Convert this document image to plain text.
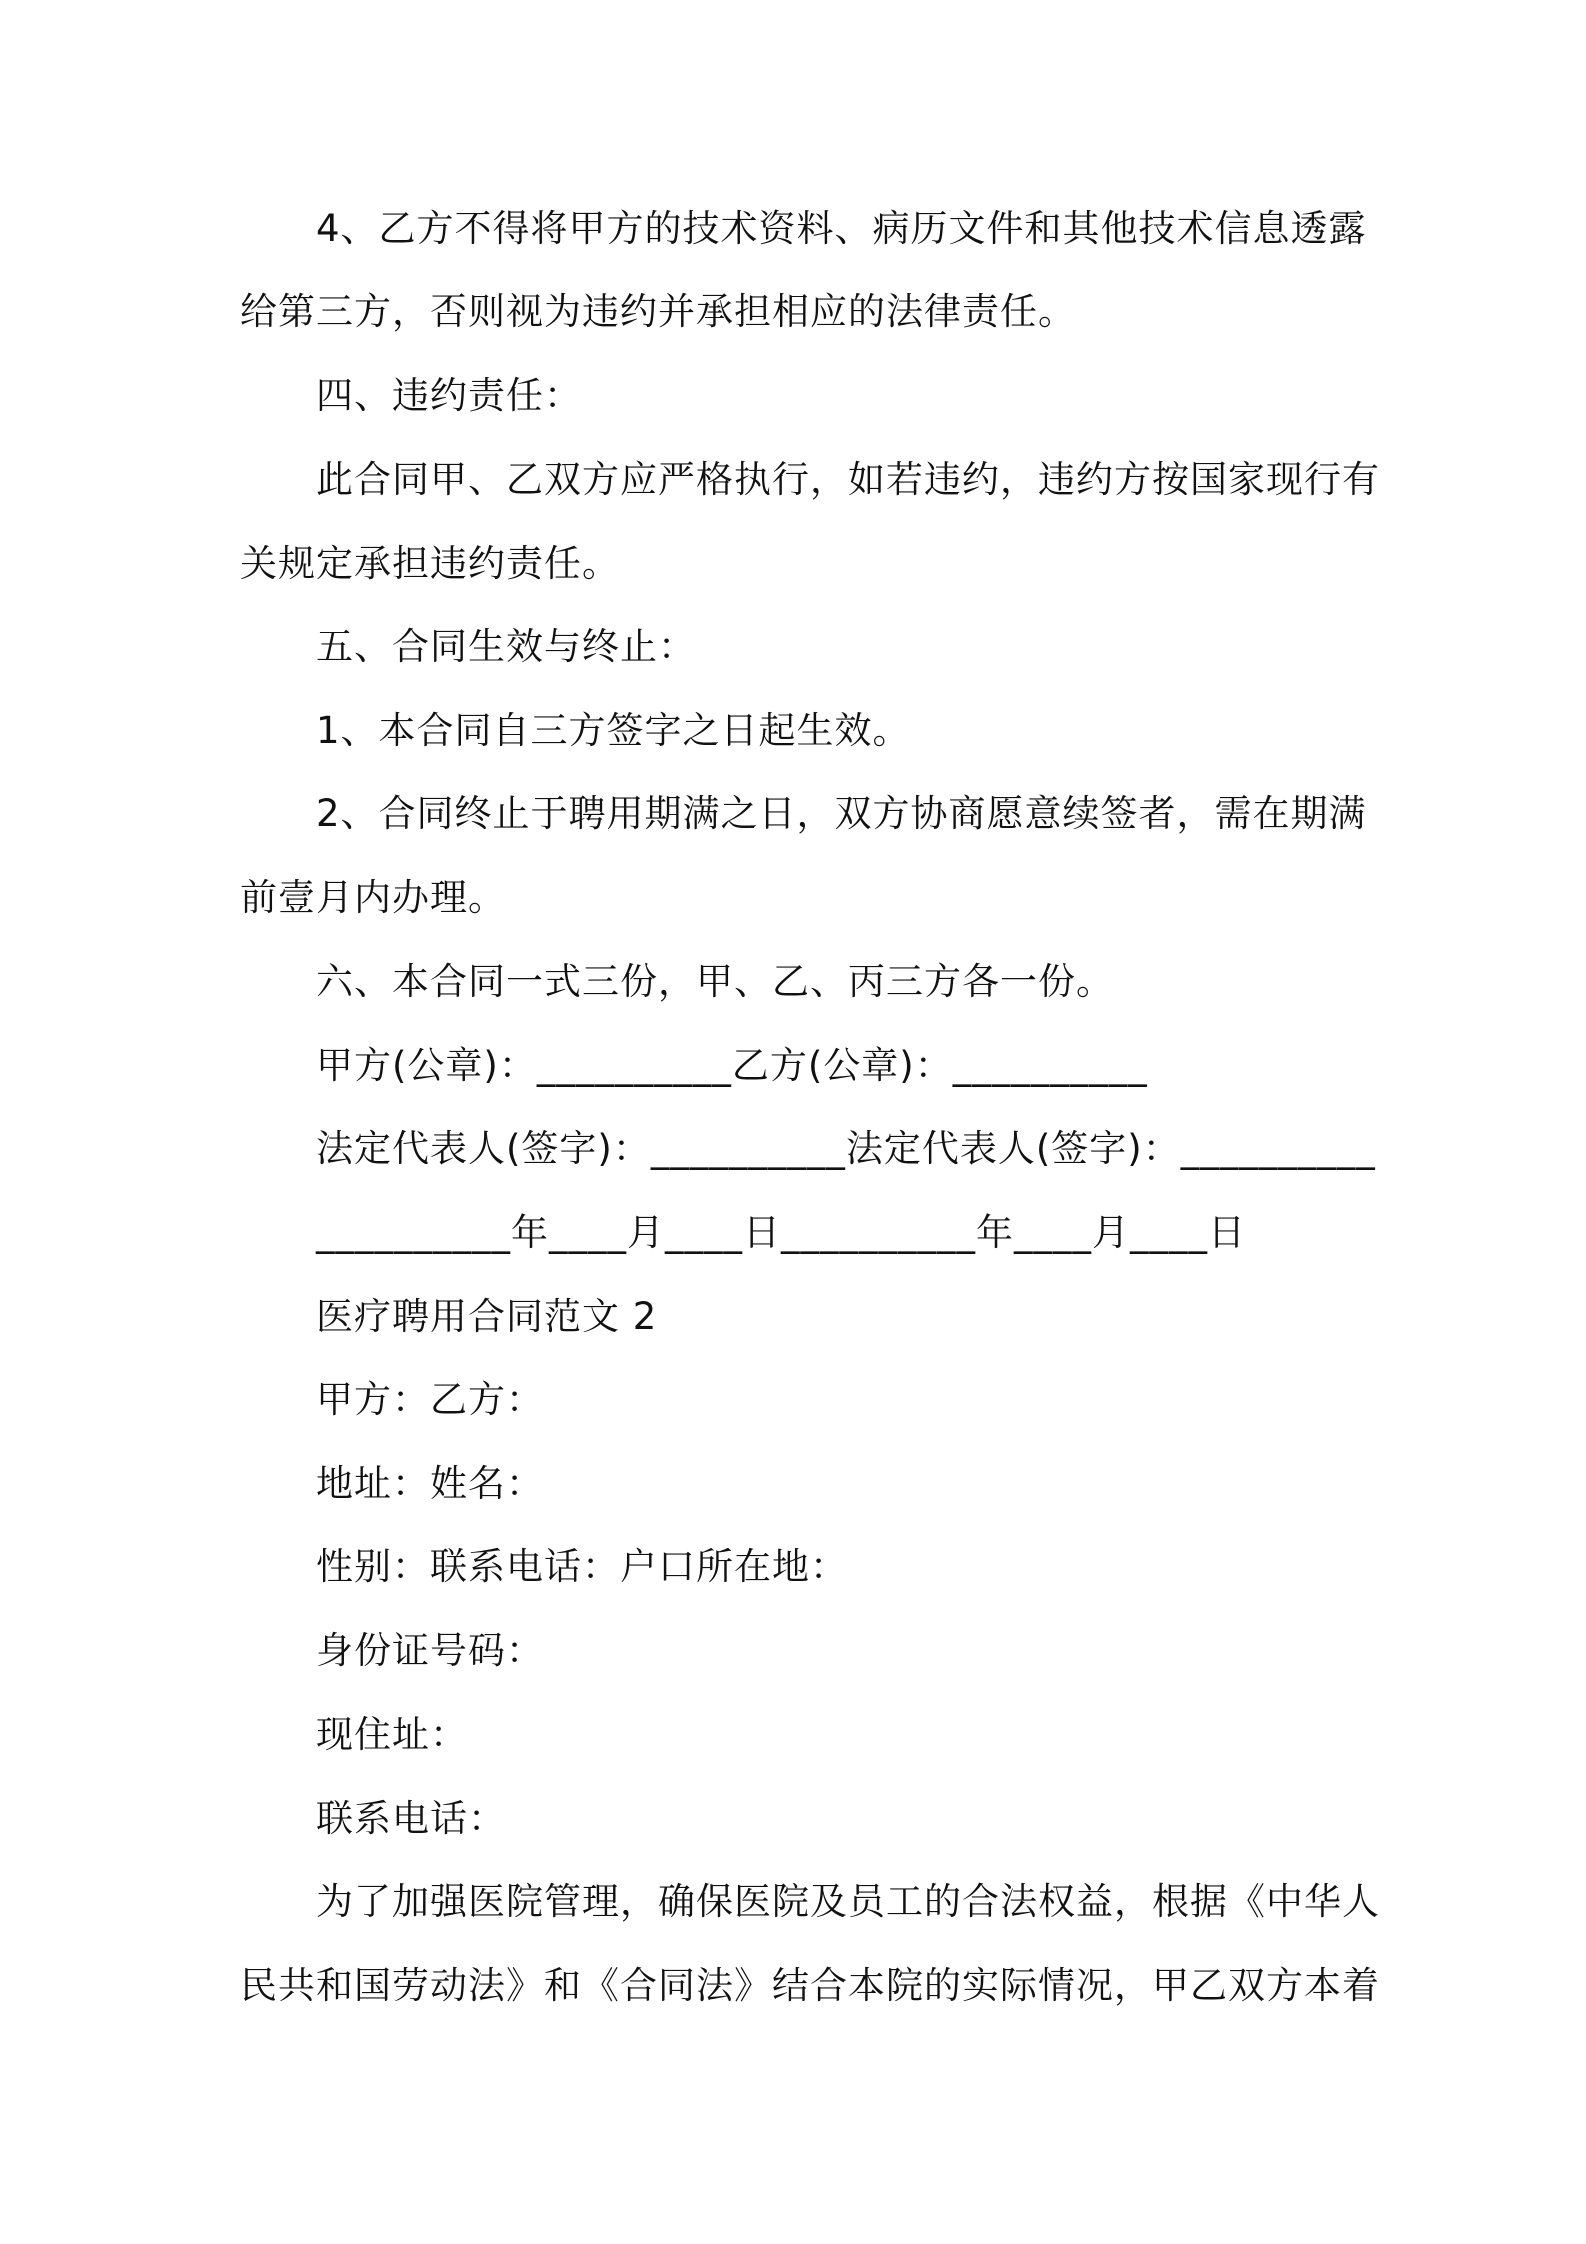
4、乙方不得将甲方的技术资料、病历文件和其他技术信息透露
给第三方，否则视为违约并承担相应的法律责任。
四、违约责任：
此合同甲、乙双方应严格执行，如若违约，违约方按国家现行有
关规定承担违约责任。
五、合同生效与终止：
1、本合同自三方签字之日起生效。
2、合同终止于聘用期满之日，双方协商愿意续签者，需在期满
前壹月内办理。
六、本合同一式三份，甲、乙、丙三方各一份。
甲方(公章)：__________乙方(公章)：__________
法定代表人(签字)：__________法定代表人(签字)：__________
__________年____月____日__________年____月____日
医疗聘用合同范文 2
甲方：乙方：
地址：姓名：
性别：联系电话：户口所在地：
身份证号码：
现住址：
联系电话：
为了加强医院管理，确保医院及员工的合法权益，根据《中华人
民共和国劳动法》和《合同法》结合本院的实际情况，甲乙双方本着
